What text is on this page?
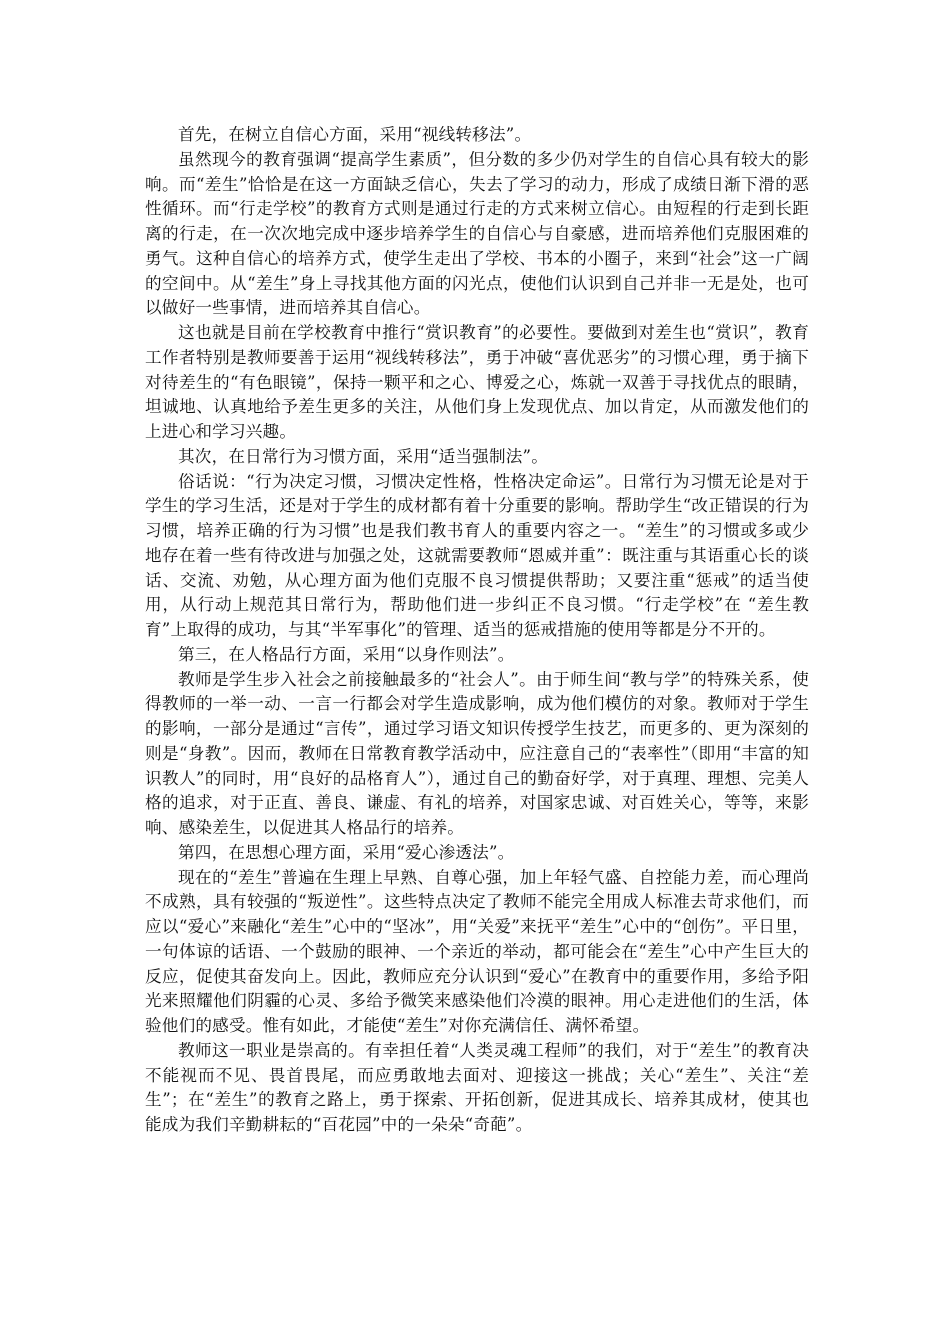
首先，在树立自信心方面，采用“视线转移法”。

虽然现今的教育强调“提高学生素质”，但分数的多少仍对学生的自信心具有较大的影响。而“差生”恰恰是在这一方面缺乏信心，失去了学习的动力，形成了成绩日渐下滑的恶性循环。而“行走学校”的教育方式则是通过行走的方式来树立信心。由短程的行走到长距离的行走，在一次次地完成中逐步培养学生的自信心与自豪感，进而培养他们克服困难的勇气。这种自信心的培养方式，使学生走出了学校、书本的小圈子，来到“社会”这一广阔的空间中。从“差生”身上寻找其他方面的闪光点，使他们认识到自己并非一无是处，也可以做好一些事情，进而培养其自信心。

这也就是目前在学校教育中推行“赏识教育”的必要性。要做到对差生也“赏识”，教育工作者特别是教师要善于运用“视线转移法”，勇于冲破“喜优恶劣”的习惯心理，勇于摘下对待差生的“有色眼镜”，保持一颗平和之心、博爱之心，炼就一双善于寻找优点的眼睛，坦诚地、认真地给予差生更多的关注，从他们身上发现优点、加以肯定，从而激发他们的上进心和学习兴趣。

其次，在日常行为习惯方面，采用“适当强制法”。

俗话说：“行为决定习惯，习惯决定性格，性格决定命运”。日常行为习惯无论是对于学生的学习生活，还是对于学生的成材都有着十分重要的影响。帮助学生“改正错误的行为习惯，培养正确的行为习惯”也是我们教书育人的重要内容之一。“差生”的习惯或多或少地存在着一些有待改进与加强之处，这就需要教师“恩威并重”：既注重与其语重心长的谈话、交流、劝勉，从心理方面为他们克服不良习惯提供帮助；又要注重“惩戒”的适当使用，从行动上规范其日常行为，帮助他们进一步纠正不良习惯。“行走学校”在 “差生教育”上取得的成功，与其“半军事化”的管理、适当的惩戒措施的使用等都是分不开的。

第三，在人格品行方面，采用“以身作则法”。

教师是学生步入社会之前接触最多的“社会人”。由于师生间“教与学”的特殊关系，使得教师的一举一动、一言一行都会对学生造成影响，成为他们模仿的对象。教师对于学生的影响，一部分是通过“言传”，通过学习语文知识传授学生技艺，而更多的、更为深刻的则是“身教”。因而，教师在日常教育教学活动中，应注意自己的“表率性”（即用“丰富的知识教人”的同时，用“良好的品格育人”），通过自己的勤奋好学，对于真理、理想、完美人格的追求，对于正直、善良、谦虚、有礼的培养，对国家忠诚、对百姓关心，等等，来影响、感染差生，以促进其人格品行的培养。

第四，在思想心理方面，采用“爱心渗透法”。

现在的“差生”普遍在生理上早熟、自尊心强，加上年轻气盛、自控能力差，而心理尚不成熟，具有较强的“叛逆性”。这些特点决定了教师不能完全用成人标准去苛求他们，而应以“爱心”来融化“差生”心中的“坚冰”，用“关爱”来抚平“差生”心中的“创伤”。平日里，一句体谅的话语、一个鼓励的眼神、一个亲近的举动，都可能会在“差生”心中产生巨大的反应，促使其奋发向上。因此，教师应充分认识到“爱心”在教育中的重要作用，多给予阳光来照耀他们阴霾的心灵、多给予微笑来感染他们冷漠的眼神。用心走进他们的生活，体验他们的感受。惟有如此，才能使“差生”对你充满信任、满怀希望。

教师这一职业是崇高的。有幸担任着“人类灵魂工程师”的我们，对于“差生”的教育决不能视而不见、畏首畏尾，而应勇敢地去面对、迎接这一挑战；关心“差生”、关注“差生”；在“差生”的教育之路上，勇于探索、开拓创新，促进其成长、培养其成材，使其也能成为我们辛勤耕耘的“百花园”中的一朵朵“奇葩”。
